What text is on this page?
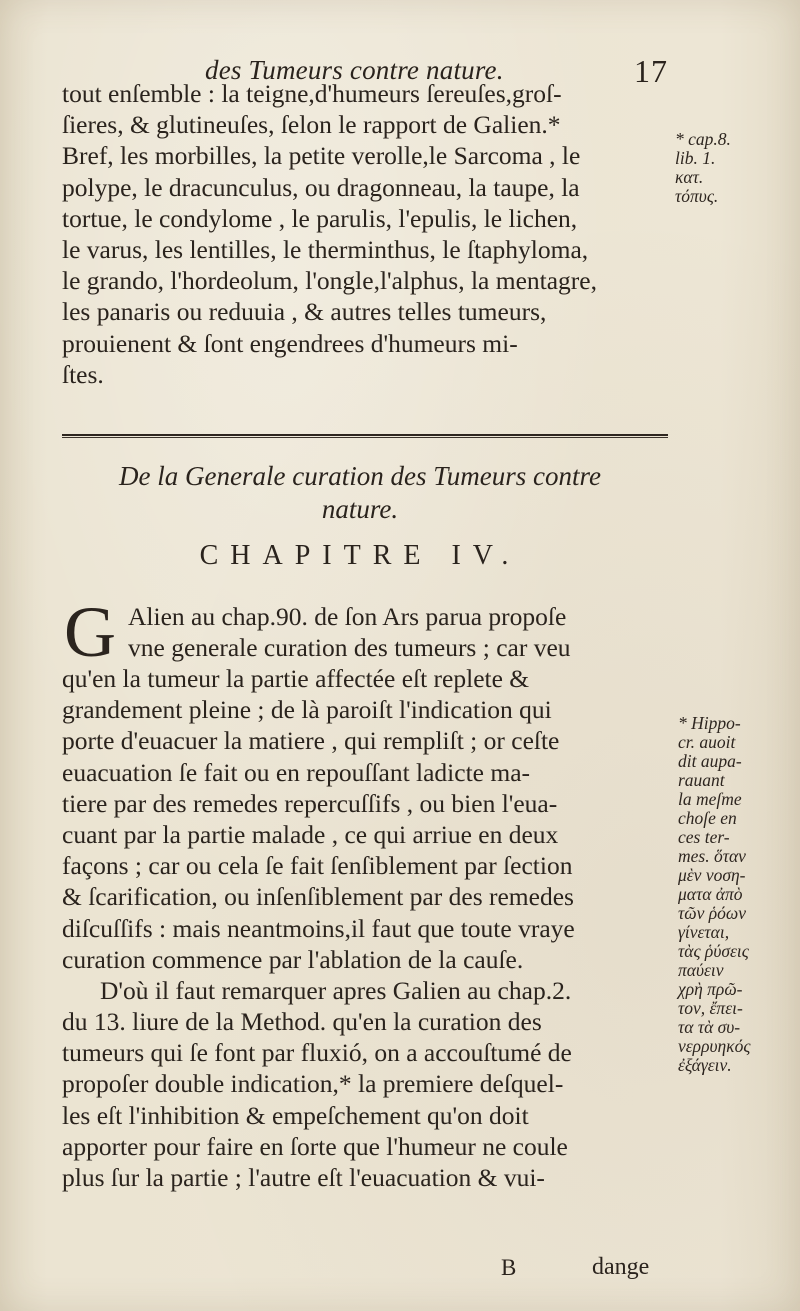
des Tumeurs contre nature.	17
tout enſemble : la teigne,d'humeurs ſereuſes,groſ-
ſieres, & glutineuſes, ſelon le rapport de Galien.*
Bref, les morbilles, la petite verolle,le Sarcoma , le
polype, le dracunculus, ou dragonneau, la taupe, la
tortue, le condylome , le parulis, l'epulis, le lichen,
le varus, les lentilles, le therminthus, le ſtaphyloma,
le grando, l'hordeolum, l'ongle,l'alphus, la mentagre,
les panaris ou reduuia , & autres telles tumeurs,
prouienent & ſont engendrees d'humeurs mi-
ſtes.
* cap.8.
lib. 1.
κατ.
τόπυς.
De la Generale curation des Tumeurs contre
nature.
CHAPITRE IV.
G Alien au chap.90. de ſon Ars parua propoſe
vne generale curation des tumeurs ; car veu
qu'en la tumeur la partie affectée eſt replete &
grandement pleine ; de là paroiſt l'indication qui
porte d'euacuer la matiere , qui rempliſt ; or ceſte
euacuation ſe fait ou en repouſſant ladicte ma-
tiere par des remedes repercuſſifs , ou bien l'eua-
cuant par la partie malade , ce qui arriue en deux
façons ; car ou cela ſe fait ſenſiblement par ſection
& ſcarification, ou inſenſiblement par des remedes
diſcuſſifs : mais neantmoins,il faut que toute vraye
curation commence par l'ablation de la cauſe.
D'où il faut remarquer apres Galien au chap.2.
du 13. liure de la Method. qu'en la curation des
tumeurs qui ſe font par fluxió, on a accouſtumé de
propoſer double indication,* la premiere deſquel-
les eſt l'inhibition & empeſchement qu'on doit
apporter pour faire en ſorte que l'humeur ne coule
plus ſur la partie ; l'autre eſt l'euacuation & vui-
* Hippo-
cr. auoit
dit aupa-
rauant
la meſme
choſe en
ces ter-
mes. ὅταν
μὲν νοση-
ματα ἀπὸ
τῶν ῥόων
γίνεται,
τὰς ῥύσεις
παύειν
χρὴ πρῶ-
τον, ἔπει-
τα τὰ συ-
νερρυηκός
ἐξάγειν.
B	dange
